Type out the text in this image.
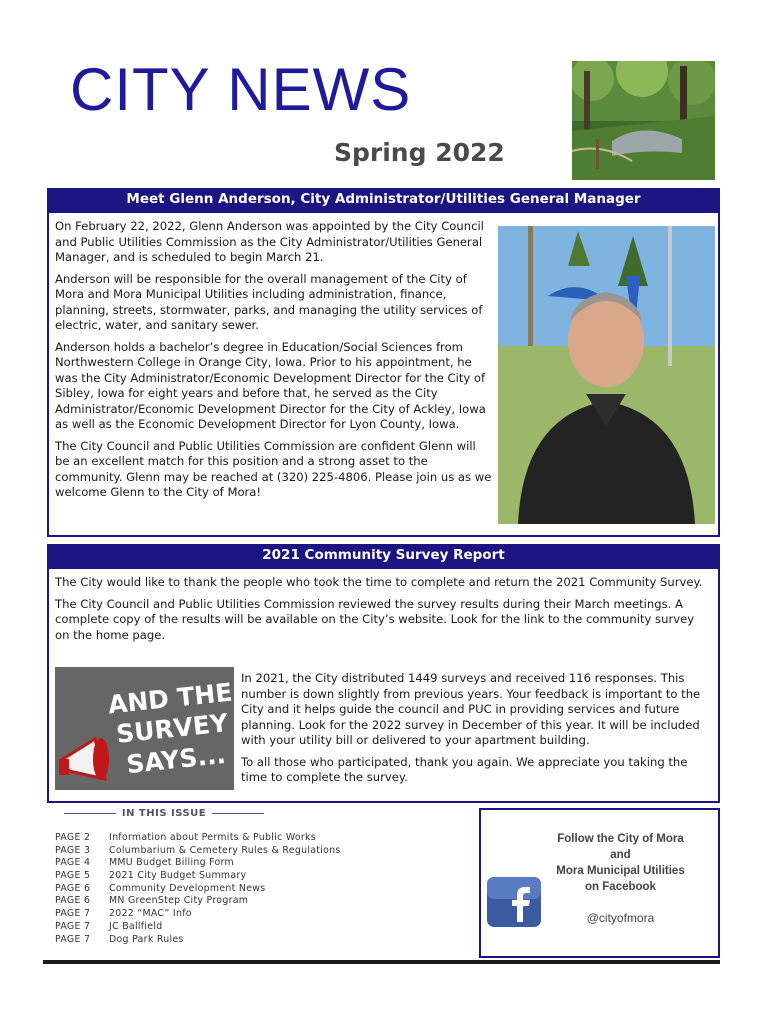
CITY NEWS
Spring 2022
Meet Glenn Anderson, City Administrator/Utilities General Manager

On February 22, 2022, Glenn Anderson was appointed by the City Council and Public Utilities Commission as the City Administrator/Utilities General Manager, and is scheduled to begin March 21.

Anderson will be responsible for the overall management of the City of Mora and Mora Municipal Utilities including administration, finance, planning, streets, stormwater, parks, and managing the utility services of electric, water, and sanitary sewer.

Anderson holds a bachelor’s degree in Education/Social Sciences from Northwestern College in Orange City, Iowa. Prior to his appointment, he was the City Administrator/Economic Development Director for the City of Sibley, Iowa for eight years and before that, he served as the City Administrator/Economic Development Director for the City of Ackley, Iowa as well as the Economic Development Director for Lyon County, Iowa.

The City Council and Public Utilities Commission are confident Glenn will be an excellent match for this position and a strong asset to the community. Glenn may be reached at (320) 225-4806. Please join us as we welcome Glenn to the City of Mora!

2021 Community Survey Report

The City would like to thank the people who took the time to complete and return the 2021 Community Survey.

The City Council and Public Utilities Commission reviewed the survey results during their March meetings. A complete copy of the results will be available on the City’s website. Look for the link to the community survey on the home page.

AND THE
SURVEY
SAYS...

In 2021, the City distributed 1449 surveys and received 116 responses. This number is down slightly from previous years. Your feedback is important to the City and it helps guide the council and PUC in providing services and future planning. Look for the 2022 survey in December of this year. It will be included with your utility bill or delivered to your apartment building.

To all those who participated, thank you again. We appreciate you taking the time to complete the survey.

IN THIS ISSUE
PAGE 2	Information about Permits & Public Works
PAGE 3	Columbarium & Cemetery Rules & Regulations
PAGE 4	MMU Budget Billing Form
PAGE 5	2021 City Budget Summary
PAGE 6	Community Development News
PAGE 6	MN GreenStep City Program
PAGE 7	2022 “MAC” Info
PAGE 7	JC Ballfield
PAGE 7	Dog Park Rules
Follow the City of Mora
and
Mora Municipal Utilities
on Facebook
@cityofmora
